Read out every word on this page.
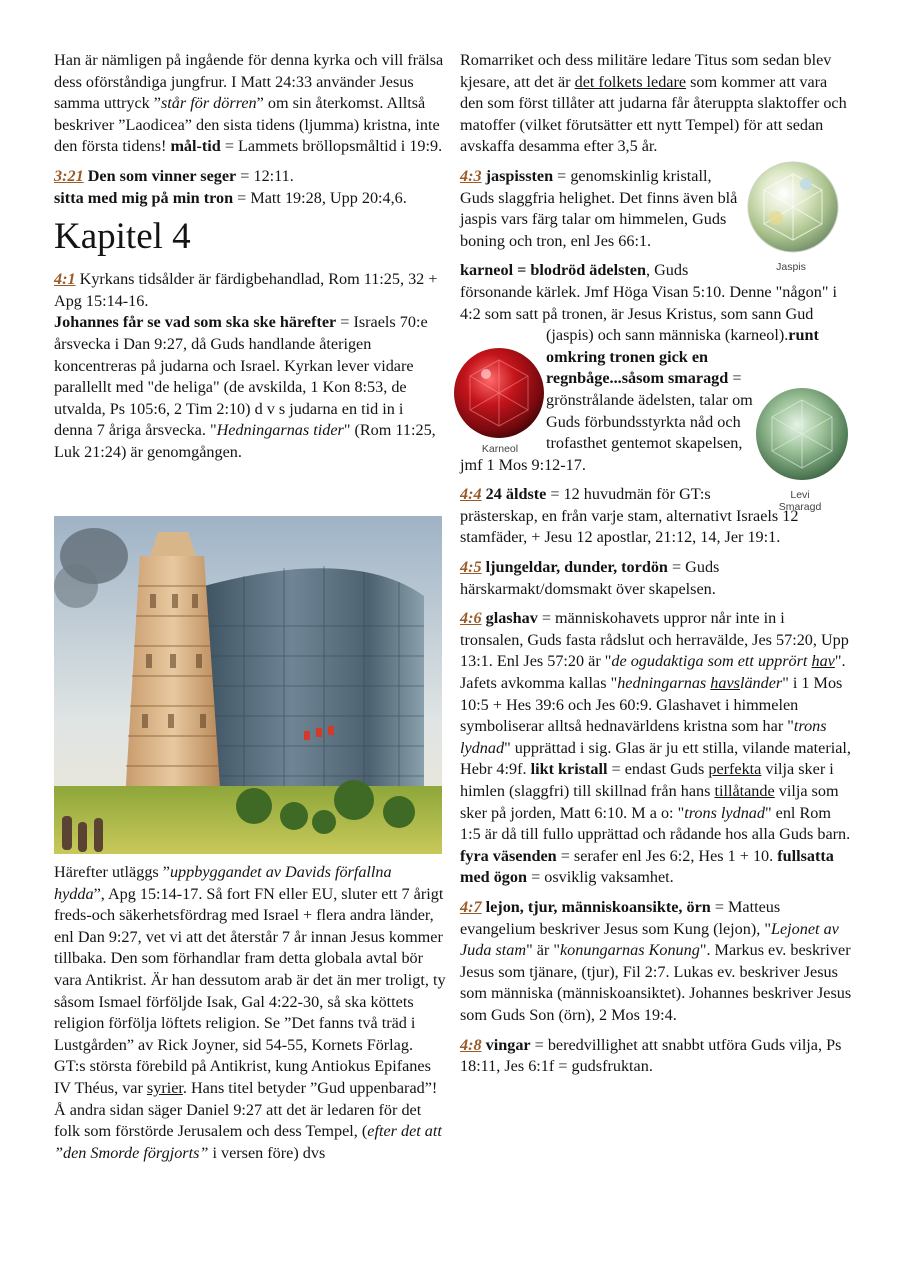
Han är nämligen på ingående för denna kyrka och vill frälsa dess oförståndiga jungfrur. I Matt 24:33 använder Jesus samma uttryck ”står för dörren” om sin återkomst. Alltså beskriver ”Laodicea” den sista tidens (ljumma) kristna, inte den första tidens! mål-tid = Lammets bröllopsmåltid i 19:9.

3:21 Den som vinner seger = 12:11.
sitta med mig på min tron = Matt 19:28, Upp 20:4,6.

Kapitel 4

4:1 Kyrkans tidsålder är färdigbehandlad, Rom 11:25, 32 + Apg 15:14-16.

Johannes får se vad som ska ske härefter = Israels 70:e årsvecka i Dan 9:27, då Guds handlande återigen koncentreras på judarna och Israel. Kyrkan lever vidare parallellt med "de heliga" (de avskilda, 1 Kon 8:53, de utvalda, Ps 105:6, 2 Tim 2:10) d v s judarna en tid in i denna 7 åriga årsvecka. "Hedningarnas tider" (Rom 11:25, Luk 21:24) är genomgången.

Härefter utläggs ”uppbyggandet av Davids förfallna hydda”, Apg 15:14-17. Så fort FN eller EU, sluter ett 7 årigt freds-och säkerhetsfördrag med Israel + flera andra länder, enl Dan 9:27, vet vi att det återstår 7 år innan Jesus kommer tillbaka. Den som förhandlar fram detta globala avtal bör vara Antikrist. Är han dessutom arab är det än mer troligt, ty såsom Ismael förföljde Isak, Gal 4:22-30, så ska köttets religion förfölja löftets religion. Se ”Det fanns två träd i Lustgården” av Rick Joyner, sid 54-55, Kornets Förlag. GT:s största förebild på Antikrist, kung Antiokus Epifanes IV Théus, var syrier. Hans titel betyder ”Gud uppenbarad”!

Å andra sidan säger Daniel 9:27 att det är ledaren för det folk som förstörde Jerusalem och dess Tempel, (efter det att ”den Smorde förgjorts” i versen före) dvs

Romarriket och dess militäre ledare Titus som sedan blev kjesare, att det är det folkets ledare som kommer att vara den som först tillåter att judarna får återuppta slaktoffer och matoffer (vilket förutsätter ett nytt Tempel) för att sedan avskaffa desamma efter 3,5 år.

4:3 jaspissten = genomskinlig kristall, Guds slaggfria helighet. Det finns även blå jaspis vars färg talar om himmelen, Guds boning och tron, enl Jes 66:1.

karneol = blodröd ädelsten, Guds försonande kärlek. Jmf Höga Visan 5:10. Denne "någon" i 4:2 som satt på tronen, är Jesus Kristus, som sann Gud (jaspis) och sann människa (karneol).
runt omkring tronen gick en regnbåge...såsom smaragd = grönstrålande ädelsten, talar om Guds förbundsstyrkta nåd och trofasthet gentemot skapelsen, jmf 1 Mos 9:12-17.

4:4 24 äldste = 12 huvudmän för GT:s prästerskap, en från varje stam, alternativt Israels 12 stamfäder, + Jesu 12 apostlar, 21:12, 14, Jer 19:1.

4:5 ljungeldar, dunder, tordön = Guds härskarmakt/domsmakt över skapelsen.

4:6 glashav = människohavets uppror når inte in i tronsalen, Guds fasta rådslut och herravälde, Jes 57:20, Upp 13:1. Enl Jes 57:20 är "de ogudaktiga som ett upprört hav". Jafets avkomma kallas "hedningarnas havsländer" i 1 Mos 10:5 + Hes 39:6 och Jes 60:9. Glashavet i himmelen symboliserar alltså hednavärldens kristna som har "trons lydnad" upprättad i sig. Glas är ju ett stilla, vilande material, Hebr 4:9f. likt kristall = endast Guds perfekta vilja sker i himlen (slaggfri) till skillnad från hans tillåtande vilja som sker på jorden, Matt 6:10. M a o: "trons lydnad" enl Rom 1:5 är då till fullo upprättad och rådande hos alla Guds barn. fyra väsenden = serafer enl Jes 6:2, Hes 1 + 10. fullsatta med ögon = osviklig vaksamhet.

4:7 lejon, tjur, människoansikte, örn = Matteus evangelium beskriver Jesus som Kung (lejon), "Lejonet av Juda stam" är "konungarnas Konung". Markus ev. beskriver Jesus som tjänare, (tjur), Fil 2:7. Lukas ev. beskriver Jesus som människa (människoansiktet). Johannes beskriver Jesus som Guds Son (örn), 2 Mos 19:4.

4:8 vingar = beredvillighet att snabbt utföra Guds vilja, Ps 18:11, Jes 6:1f = gudsfruktan.

Jaspis
Karneol
Levi
Smaragd
